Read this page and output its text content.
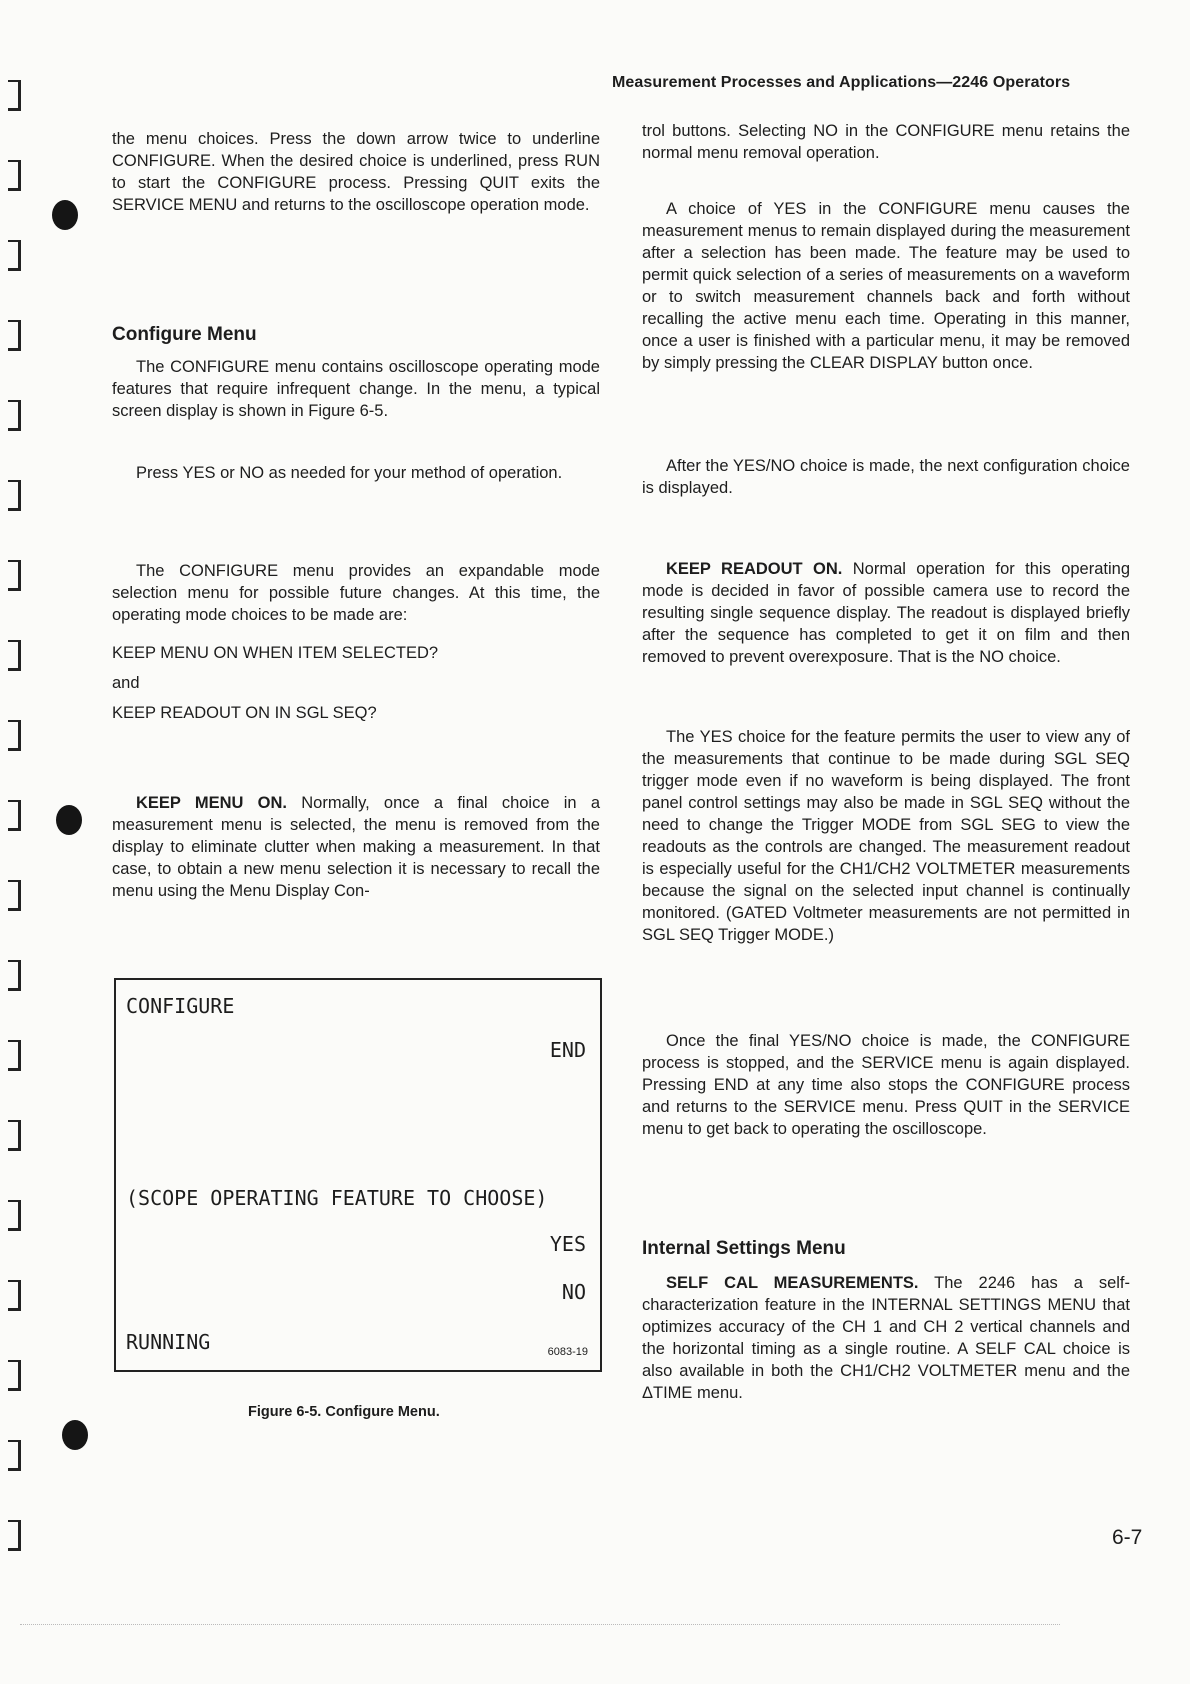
Measurement Processes and Applications—2246 Operators

the menu choices. Press the down arrow twice to underline CONFIGURE. When the desired choice is underlined, press RUN to start the CONFIGURE process. Pressing QUIT exits the SERVICE MENU and returns to the oscilloscope operation mode.

Configure Menu

The CONFIGURE menu contains oscilloscope operating mode features that require infrequent change. In the menu, a typical screen display is shown in Figure 6-5.

Press YES or NO as needed for your method of operation.

The CONFIGURE menu provides an expandable mode selection menu for possible future changes. At this time, the operating mode choices to be made are:

KEEP MENU ON WHEN ITEM SELECTED?

and

KEEP READOUT ON IN SGL SEQ?

KEEP MENU ON. Normally, once a final choice in a measurement menu is selected, the menu is removed from the display to eliminate clutter when making a measurement. In that case, to obtain a new menu selection it is necessary to recall the menu using the Menu Display Con-

CONFIGURE
END
(SCOPE OPERATING FEATURE TO CHOOSE)
YES
NO
RUNNING	6083-19
Figure 6-5. Configure Menu.

trol buttons. Selecting NO in the CONFIGURE menu retains the normal menu removal operation.

A choice of YES in the CONFIGURE menu causes the measurement menus to remain displayed during the measurement after a selection has been made. The feature may be used to permit quick selection of a series of measurements on a waveform or to switch measurement channels back and forth without recalling the active menu each time. Operating in this manner, once a user is finished with a particular menu, it may be removed by simply pressing the CLEAR DISPLAY button once.

After the YES/NO choice is made, the next configuration choice is displayed.

KEEP READOUT ON. Normal operation for this operating mode is decided in favor of possible camera use to record the resulting single sequence display. The readout is displayed briefly after the sequence has completed to get it on film and then removed to prevent overexposure. That is the NO choice.

The YES choice for the feature permits the user to view any of the measurements that continue to be made during SGL SEQ trigger mode even if no waveform is being displayed. The front panel control settings may also be made in SGL SEQ without the need to change the Trigger MODE from SGL SEG to view the readouts as the controls are changed. The measurement readout is especially useful for the CH1/CH2 VOLTMETER measurements because the signal on the selected input channel is continually monitored. (GATED Voltmeter measurements are not permitted in SGL SEQ Trigger MODE.)

Once the final YES/NO choice is made, the CONFIGURE process is stopped, and the SERVICE menu is again displayed. Pressing END at any time also stops the CONFIGURE process and returns to the SERVICE menu. Press QUIT in the SERVICE menu to get back to operating the oscilloscope.

Internal Settings Menu

SELF CAL MEASUREMENTS. The 2246 has a self-characterization feature in the INTERNAL SETTINGS MENU that optimizes accuracy of the CH 1 and CH 2 vertical channels and the horizontal timing as a single routine. A SELF CAL choice is also available in both the CH1/CH2 VOLTMETER menu and the ΔTIME menu.

6-7
